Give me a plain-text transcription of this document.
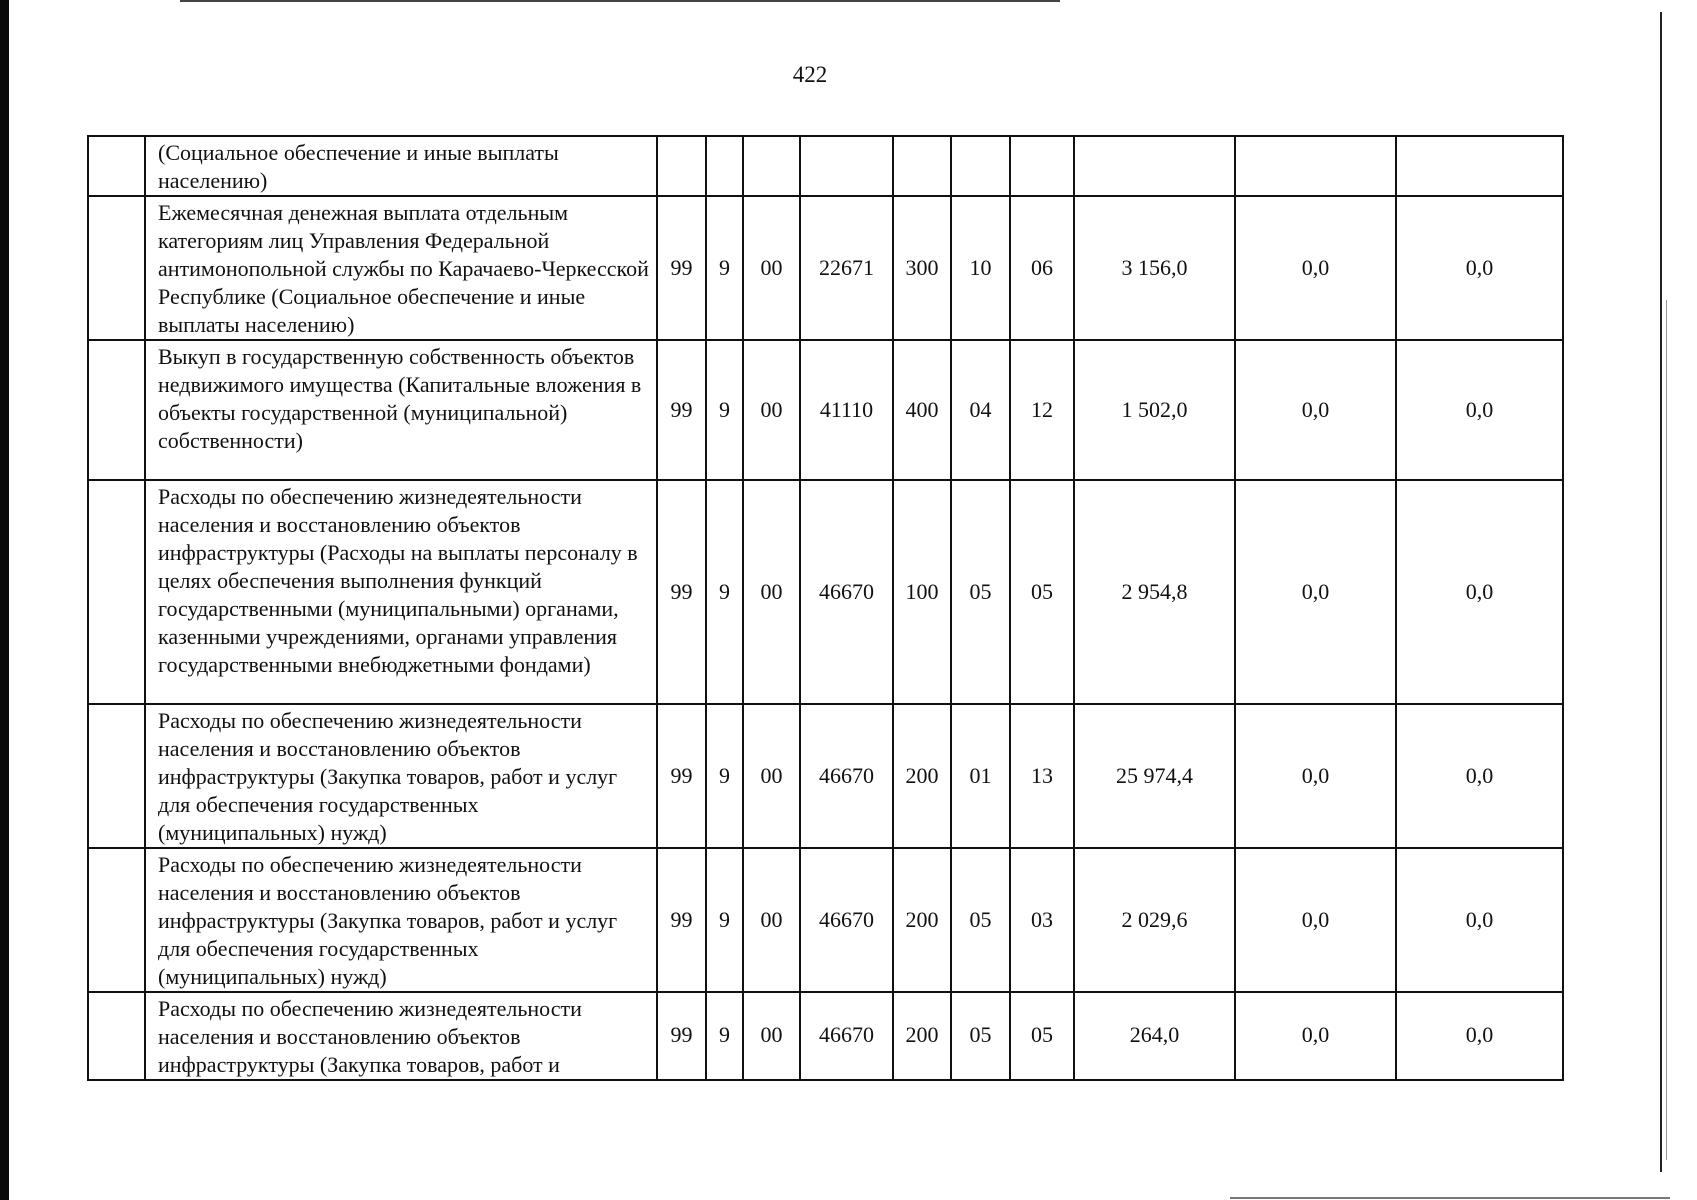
422
	(Социальное обеспечение и иные выплаты населению)										
	Ежемесячная денежная выплата отдельным категориям лиц Управления Федеральной антимонопольной службы по Карачаево-Черкесской Республике (Социальное обеспечение и иные выплаты населению)	99	9	00	22671	300	10	06	3 156,0	0,0	0,0
	Выкуп в государственную собственность объектов недвижимого имущества (Капитальные вложения в объекты государственной (муниципальной) собственности)	99	9	00	41110	400	04	12	1 502,0	0,0	0,0
	Расходы по обеспечению жизнедеятельности населения и восстановлению объектов инфраструктуры (Расходы на выплаты персоналу в целях обеспечения выполнения функций государственными (муниципальными) органами, казенными учреждениями, органами управления государственными внебюджетными фондами)	99	9	00	46670	100	05	05	2 954,8	0,0	0,0
	Расходы по обеспечению жизнедеятельности населения и восстановлению объектов инфраструктуры (Закупка товаров, работ и услуг для обеспечения государственных (муниципальных) нужд)	99	9	00	46670	200	01	13	25 974,4	0,0	0,0
	Расходы по обеспечению жизнедеятельности населения и восстановлению объектов инфраструктуры (Закупка товаров, работ и услуг для обеспечения государственных (муниципальных) нужд)	99	9	00	46670	200	05	03	2 029,6	0,0	0,0
	Расходы по обеспечению жизнедеятельности населения и восстановлению объектов инфраструктуры (Закупка товаров, работ и	99	9	00	46670	200	05	05	264,0	0,0	0,0
